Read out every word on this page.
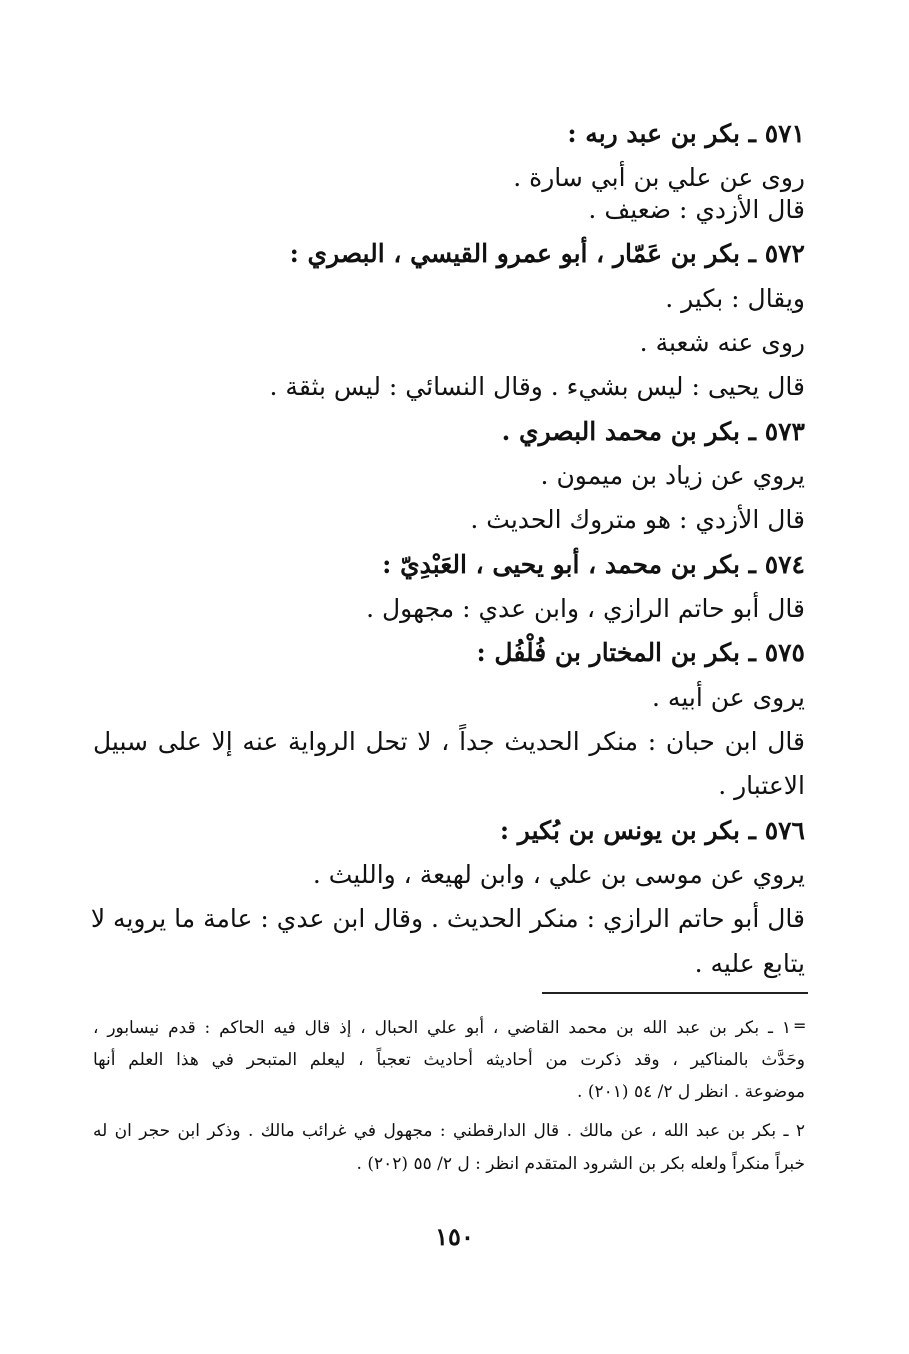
٥٧١ ـ بكر بن عبد ربه :
روى عن علي بن أبي سارة .
قال الأزدي : ضعيف .
٥٧٢ ـ بكر بن عَمّار ، أبو عمرو القيسي ، البصري :
ويقال : بكير .
روى عنه شعبة .
قال يحيى : ليس بشيء . وقال النسائي : ليس بثقة .
٥٧٣ ـ بكر بن محمد البصري .
يروي عن زياد بن ميمون .
قال الأزدي : هو متروك الحديث .
٥٧٤ ـ بكر بن محمد ، أبو يحيى ، العَبْدِيّ :
قال أبو حاتم الرازي ، وابن عدي : مجهول .
٥٧٥ ـ بكر بن المختار بن فُلْفُل :
يروى عن أبيه .
قال ابن حبان : منكر الحديث جداً ، لا تحل الرواية عنه إلا على سبيل
الاعتبار .
٥٧٦ ـ بكر بن يونس بن بُكير :
يروي عن موسى بن علي ، وابن لهيعة ، والليث .
قال أبو حاتم الرازي : منكر الحديث . وقال ابن عدي : عامة ما يرويه لا
يتابع عليه .
=
١ ـ بكر بن عبد الله بن محمد القاضي ، أبو علي الحبال ، إذ قال فيه الحاكم : قدم نيسابور ،
وحَدَّث بالمناكير ، وقد ذكرت من أحاديثه أحاديث تعجباً ، ليعلم المتبحر في هذا العلم أنها
موضوعة . انظر ل ٢/ ٥٤ (٢٠١) .
٢ ـ بكر بن عبد الله ، عن مالك . قال الدارقطني : مجهول في غرائب مالك . وذكر ابن حجر ان له
خبراً منكراً ولعله بكر بن الشرود المتقدم انظر : ل ٢/ ٥٥ (٢٠٢) .
١٥٠
